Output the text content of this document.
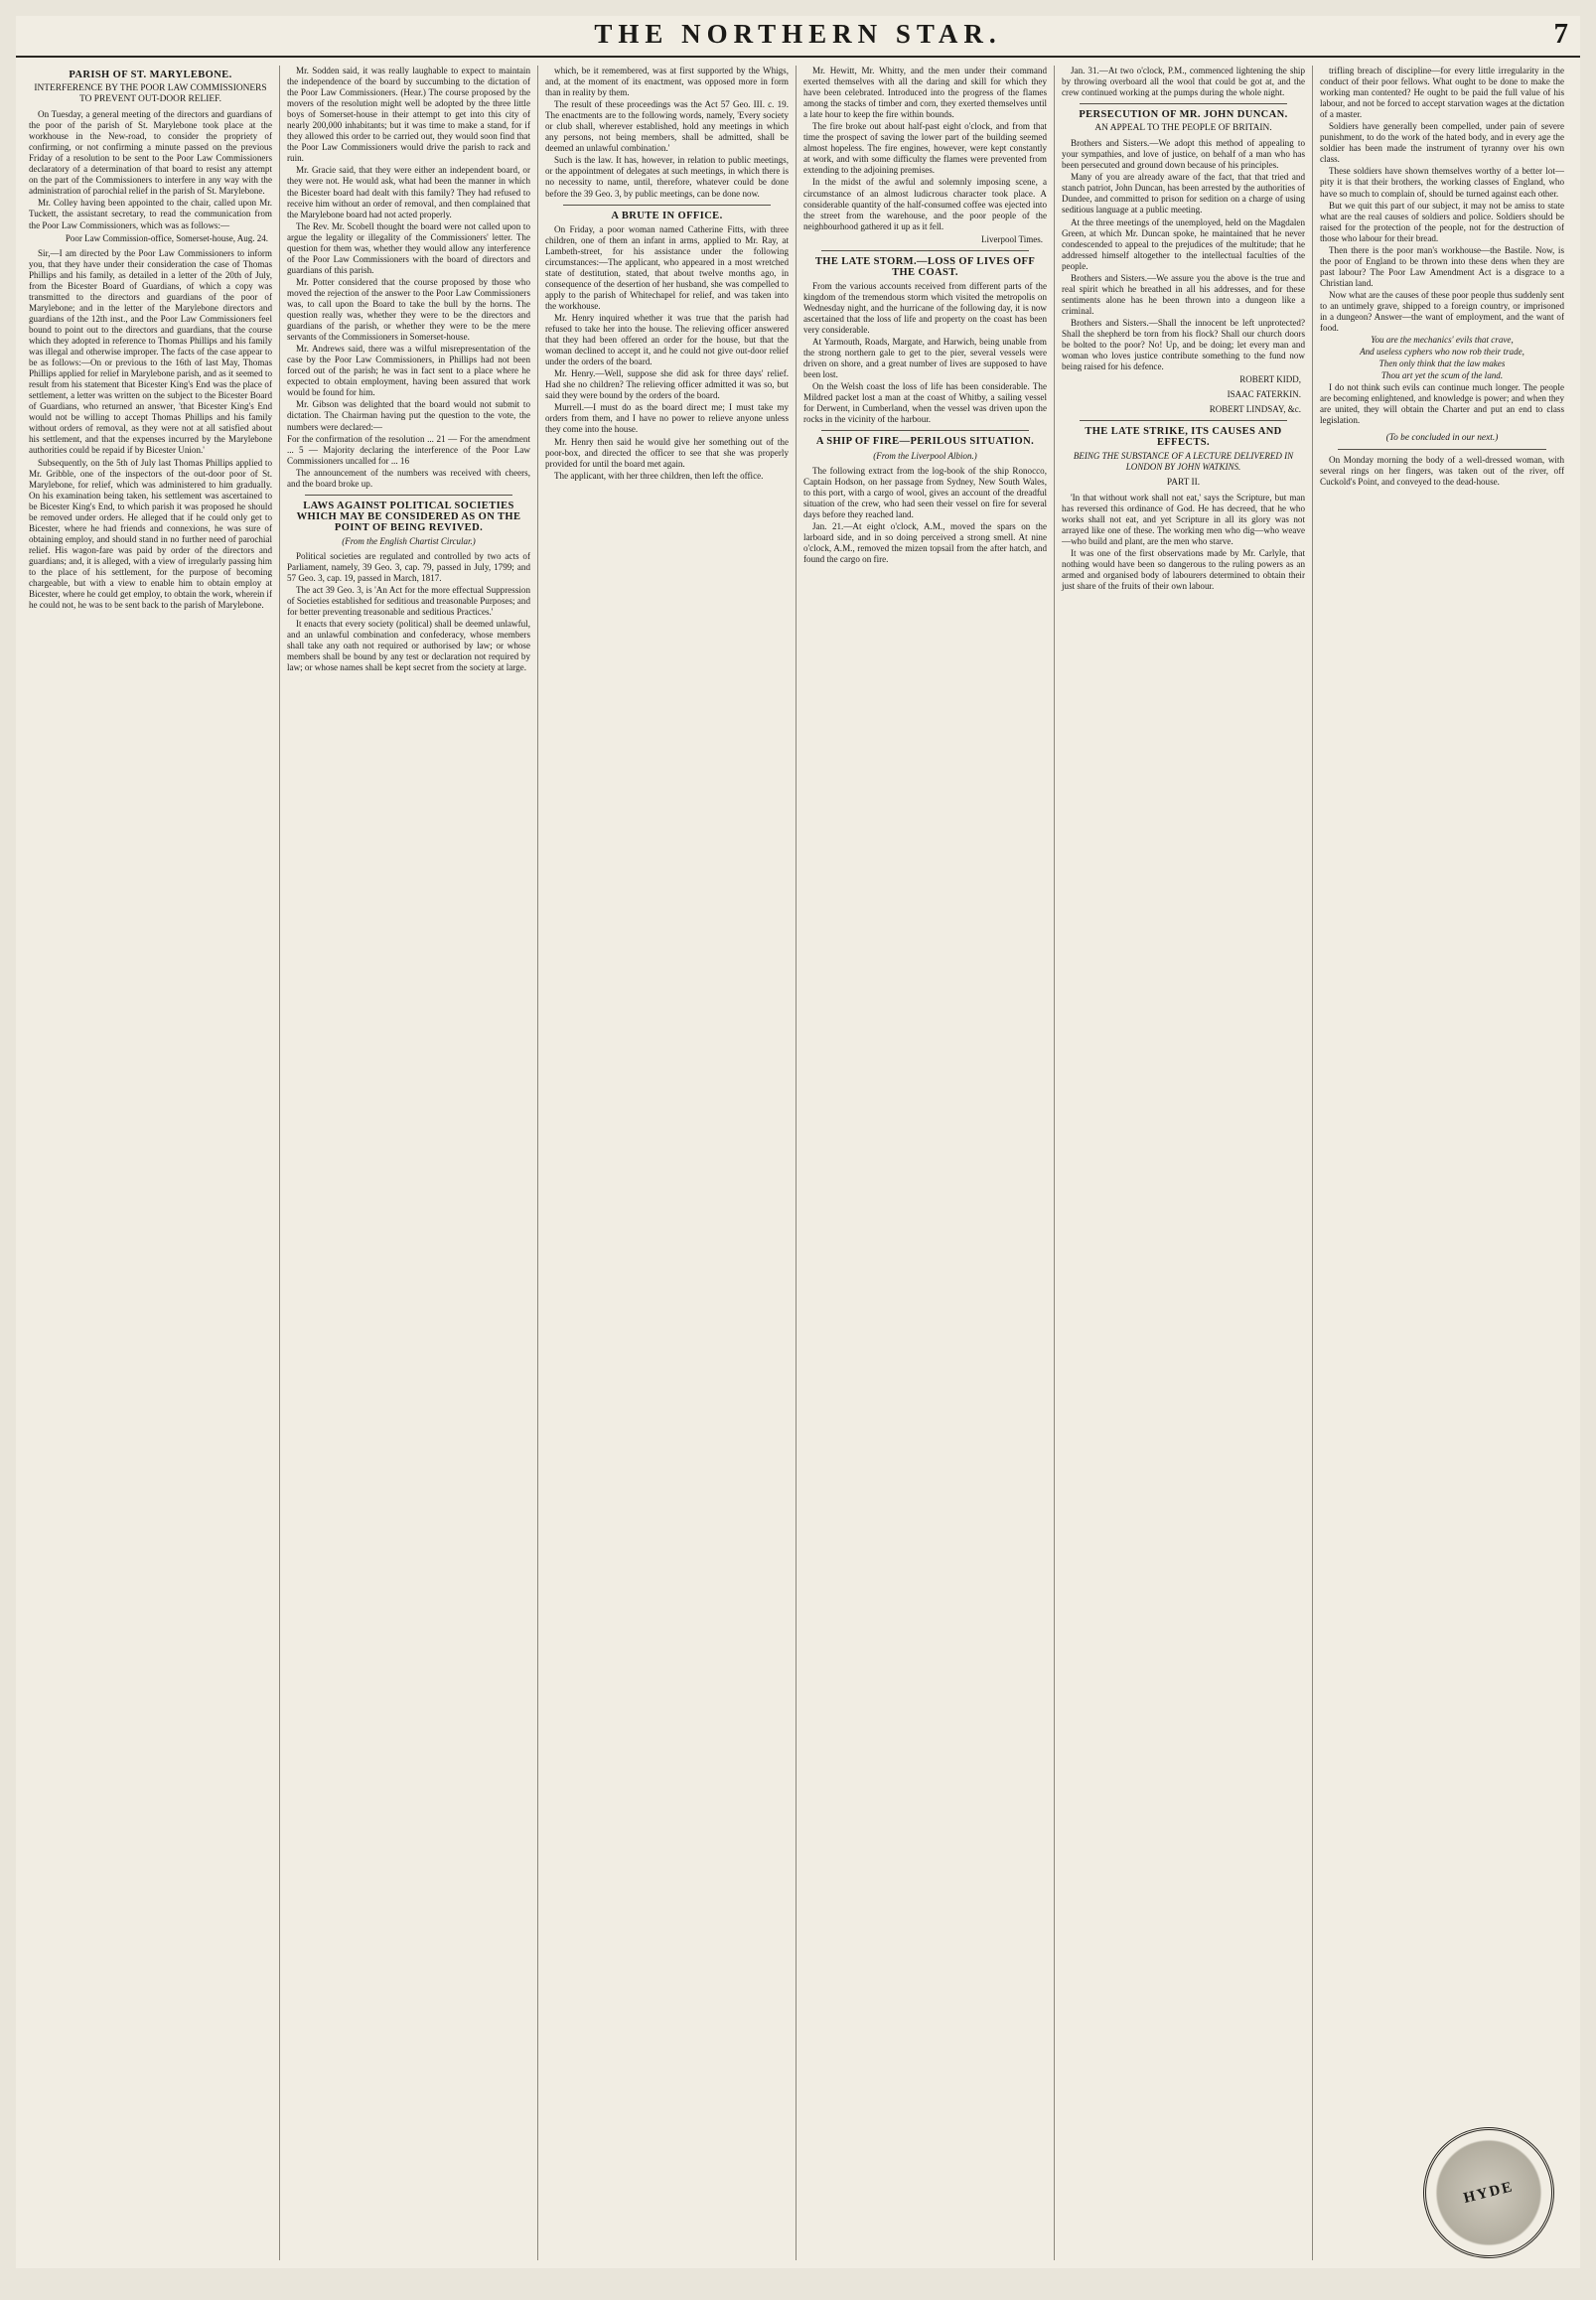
THE NORTHERN STAR.	7
PARISH OF ST. MARYLEBONE.
INTERFERENCE BY THE POOR LAW COMMISSIONERS TO PREVENT OUT-DOOR RELIEF.

On Tuesday, a general meeting of the directors and guardians of the poor of the parish of St. Marylebone took place at the workhouse in the New-road, to consider the propriety of confirming, or not confirming a minute passed on the previous Friday of a resolution to be sent to the Poor Law Commissioners declaratory of a determination of that board to resist any attempt on the part of the Commissioners to interfere in any way with the administration of parochial relief in the parish of St. Marylebone.

Mr. Colley having been appointed to the chair, called upon Mr. Tuckett, the assistant secretary, to read the communication from the Poor Law Commissioners, which was as follows:—

Poor Law Commission-office, Somerset-house, Aug. 24.

Sir,—I am directed by the Poor Law Commissioners to inform you, that they have under their consideration the case of Thomas Phillips and his family, as detailed in a letter of the 20th of July, from the Bicester Board of Guardians, of which a copy was transmitted to the directors and guardians of the poor of Marylebone; and in the letter of the Marylebone directors and guardians of the 12th inst., and the Poor Law Commissioners feel bound to point out to the directors and guardians, that the course which they adopted in reference to Thomas Phillips and his family was illegal and otherwise improper. The facts of the case appear to be as follows:—On or previous to the 16th of last May, Thomas Phillips applied for relief in Marylebone parish, and as it seemed to result from his statement that Bicester King's End was the place of settlement, a letter was written on the subject to the Bicester Board of Guardians, who returned an answer, 'that Bicester King's End would not be willing to accept Thomas Phillips and his family without orders of removal, as they were not at all satisfied about his settlement, and that the expenses incurred by the Marylebone authorities could be repaid if by Bicester Union.'

Subsequently, on the 5th of July last Thomas Phillips applied to Mr. Gribble, one of the inspectors of the out-door poor of St. Marylebone, for relief, which was administered to him gradually. On his examination being taken, his settlement was ascertained to be Bicester King's End, to which parish it was proposed he should be removed under orders. He alleged that if he could only get to Bicester, where he had friends and connexions, he was sure of obtaining employ, and should stand in no further need of parochial relief. His wagon-fare was paid by order of the directors and guardians; and, it is alleged, with a view of irregularly passing him to the place of his settlement, for the purpose of becoming chargeable, but with a view to enable him to obtain employ at Bicester, where he could get employ, to obtain the work, wherein if he could not, he was to be sent back to the parish of Marylebone.

Mr. Sodden said, it was really laughable to expect to maintain the independence of the board by succumbing to the dictation of the Poor Law Commissioners. (Hear.) The course proposed by the movers of the resolution might well be adopted by the three little boys of Somerset-house in their attempt to get into this city of nearly 200,000 inhabitants; but it was time to make a stand, for if they allowed this order to be carried out, they would soon find that the Poor Law Commissioners would drive the parish to rack and ruin.

Mr. Gracie said, that they were either an independent board, or they were not. He would ask, what had been the manner in which the Bicester board had dealt with this family? They had refused to receive him without an order of removal, and then complained that the Marylebone board had not acted properly.

The Rev. Mr. Scobell thought the board were not called upon to argue the legality or illegality of the Commissioners' letter. The question for them was, whether they would allow any interference of the Poor Law Commissioners with the board of directors and guardians of this parish.

Mr. Potter considered that the course proposed by those who moved the rejection of the answer to the Poor Law Commissioners was, to call upon the Board to take the bull by the horns. The question really was, whether they were to be the directors and guardians of the parish, or whether they were to be the mere servants of the Commissioners in Somerset-house.

Mr. Andrews said, there was a wilful misrepresentation of the case by the Poor Law Commissioners, in Phillips had not been forced out of the parish; he was in fact sent to a place where he expected to obtain employment, having been assured that work would be found for him.

Mr. Gibson was delighted that the board would not submit to dictation. The Chairman having put the question to the vote, the numbers were declared:—

For the confirmation of the resolution ... 21 — For the amendment ... 5 — Majority declaring the interference of the Poor Law Commissioners uncalled for ... 16

The announcement of the numbers was received with cheers, and the board broke up.

LAWS AGAINST POLITICAL SOCIETIES WHICH MAY BE CONSIDERED AS ON THE POINT OF BEING REVIVED.
(From the English Chartist Circular.)

Political societies are regulated and controlled by two acts of Parliament, namely, 39 Geo. 3, cap. 79, passed in July, 1799; and 57 Geo. 3, cap. 19, passed in March, 1817.

The act 39 Geo. 3, is 'An Act for the more effectual Suppression of Societies established for seditious and treasonable Purposes; and for better preventing treasonable and seditious Practices.'

It enacts that every society (political) shall be deemed unlawful, and an unlawful combination and confederacy, whose members shall take any oath not required or authorised by law; or whose members shall be bound by any test or declaration not required by law; or whose names shall be kept secret from the society at large.

which, be it remembered, was at first supported by the Whigs, and, at the moment of its enactment, was opposed more in form than in reality by them.

The result of these proceedings was the Act 57 Geo. III. c. 19. The enactments are to the following words, namely, 'Every society or club shall, wherever established, hold any meetings in which any persons, not being members, shall be admitted, shall be deemed an unlawful combination.'

Such is the law. It has, however, in relation to public meetings, or the appointment of delegates at such meetings, in which there is no necessity to name, until, therefore, whatever could be done before the 39 Geo. 3, by public meetings, can be done now.

A BRUTE IN OFFICE.

On Friday, a poor woman named Catherine Fitts, with three children, one of them an infant in arms, applied to Mr. Ray, at Lambeth-street, for his assistance under the following circumstances:—The applicant, who appeared in a most wretched state of destitution, stated, that about twelve months ago, in consequence of the desertion of her husband, she was compelled to apply to the parish of Whitechapel for relief, and was taken into the workhouse.

Mr. Henry inquired whether it was true that the parish had refused to take her into the house. The relieving officer answered that they had been offered an order for the house, but that the woman declined to accept it, and he could not give out-door relief under the orders of the board.

Mr. Henry.—Well, suppose she did ask for three days' relief. Had she no children? The relieving officer admitted it was so, but said they were bound by the orders of the board.

Murrell.—I must do as the board direct me; I must take my orders from them, and I have no power to relieve anyone unless they come into the house.

Mr. Henry then said he would give her something out of the poor-box, and directed the officer to see that she was properly provided for until the board met again.

The applicant, with her three children, then left the office.

Mr. Hewitt, Mr. Whitty, and the men under their command exerted themselves with all the daring and skill for which they have been celebrated. Introduced into the progress of the flames among the stacks of timber and corn, they exerted themselves until a late hour to keep the fire within bounds.

The fire broke out about half-past eight o'clock, and from that time the prospect of saving the lower part of the building seemed almost hopeless. The fire engines, however, were kept constantly at work, and with some difficulty the flames were prevented from extending to the adjoining premises.

In the midst of the awful and solemnly imposing scene, a circumstance of an almost ludicrous character took place. A considerable quantity of the half-consumed coffee was ejected into the street from the warehouse, and the poor people of the neighbourhood gathered it up as it fell.

Liverpool Times.
THE LATE STORM.—LOSS OF LIVES OFF THE COAST.

From the various accounts received from different parts of the kingdom of the tremendous storm which visited the metropolis on Wednesday night, and the hurricane of the following day, it is now ascertained that the loss of life and property on the coast has been very considerable.

At Yarmouth, Roads, Margate, and Harwich, being unable from the strong northern gale to get to the pier, several vessels were driven on shore, and a great number of lives are supposed to have been lost.

On the Welsh coast the loss of life has been considerable. The Mildred packet lost a man at the coast of Whitby, a sailing vessel for Derwent, in Cumberland, when the vessel was driven upon the rocks in the vicinity of the harbour.

A SHIP OF FIRE—PERILOUS SITUATION.
(From the Liverpool Albion.)

The following extract from the log-book of the ship Ronocco, Captain Hodson, on her passage from Sydney, New South Wales, to this port, with a cargo of wool, gives an account of the dreadful situation of the crew, who had seen their vessel on fire for several days before they reached land.

Jan. 21.—At eight o'clock, A.M., moved the spars on the larboard side, and in so doing perceived a strong smell. At nine o'clock, A.M., removed the mizen topsail from the after hatch, and found the cargo on fire.

Jan. 31.—At two o'clock, P.M., commenced lightening the ship by throwing overboard all the wool that could be got at, and the crew continued working at the pumps during the whole night.

PERSECUTION OF MR. JOHN DUNCAN.
AN APPEAL TO THE PEOPLE OF BRITAIN.

Brothers and Sisters.—We adopt this method of appealing to your sympathies, and love of justice, on behalf of a man who has been persecuted and ground down because of his principles.

Many of you are already aware of the fact, that that tried and stanch patriot, John Duncan, has been arrested by the authorities of Dundee, and committed to prison for sedition on a charge of using seditious language at a public meeting.

At the three meetings of the unemployed, held on the Magdalen Green, at which Mr. Duncan spoke, he maintained that he never condescended to appeal to the prejudices of the multitude; that he addressed himself altogether to the intellectual faculties of the people.

Brothers and Sisters.—We assure you the above is the true and real spirit which he breathed in all his addresses, and for these sentiments alone has he been thrown into a dungeon like a criminal.

Brothers and Sisters.—Shall the innocent be left unprotected? Shall the shepherd be torn from his flock? Shall our church doors be bolted to the poor? No! Up, and be doing; let every man and woman who loves justice contribute something to the fund now being raised for his defence.

ROBERT KIDD,
ISAAC FATERKIN.
ROBERT LINDSAY, &c.
THE LATE STRIKE, ITS CAUSES AND EFFECTS.
BEING THE SUBSTANCE OF A LECTURE DELIVERED IN LONDON BY JOHN WATKINS.
PART II.

'In that without work shall not eat,' says the Scripture, but man has reversed this ordinance of God. He has decreed, that he who works shall not eat, and yet Scripture in all its glory was not arrayed like one of these. The working men who dig—who weave—who build and plant, are the men who starve.

It was one of the first observations made by Mr. Carlyle, that nothing would have been so dangerous to the ruling powers as an armed and organised body of labourers determined to obtain their just share of the fruits of their own labour.

trifling breach of discipline—for every little irregularity in the conduct of their poor fellows. What ought to be done to make the working man contented? He ought to be paid the full value of his labour, and not be forced to accept starvation wages at the dictation of a master.

Soldiers have generally been compelled, under pain of severe punishment, to do the work of the hated body, and in every age the soldier has been made the instrument of tyranny over his own class.

These soldiers have shown themselves worthy of a better lot—pity it is that their brothers, the working classes of England, who have so much to complain of, should be turned against each other.

But we quit this part of our subject, it may not be amiss to state what are the real causes of soldiers and police. Soldiers should be raised for the protection of the people, not for the destruction of those who labour for their bread.

Then there is the poor man's workhouse—the Bastile. Now, is the poor of England to be thrown into these dens when they are past labour? The Poor Law Amendment Act is a disgrace to a Christian land.

Now what are the causes of these poor people thus suddenly sent to an untimely grave, shipped to a foreign country, or imprisoned in a dungeon? Answer—the want of employment, and the want of food.

You are the mechanics' evils that crave,

And useless cyphers who now rob their trade,

Then only think that the law makes

Thou art yet the scum of the land.

I do not think such evils can continue much longer. The people are becoming enlightened, and knowledge is power; and when they are united, they will obtain the Charter and put an end to class legislation.

(To be concluded in our next.)

On Monday morning the body of a well-dressed woman, with several rings on her fingers, was taken out of the river, off Cuckold's Point, and conveyed to the dead-house.

HYDE
